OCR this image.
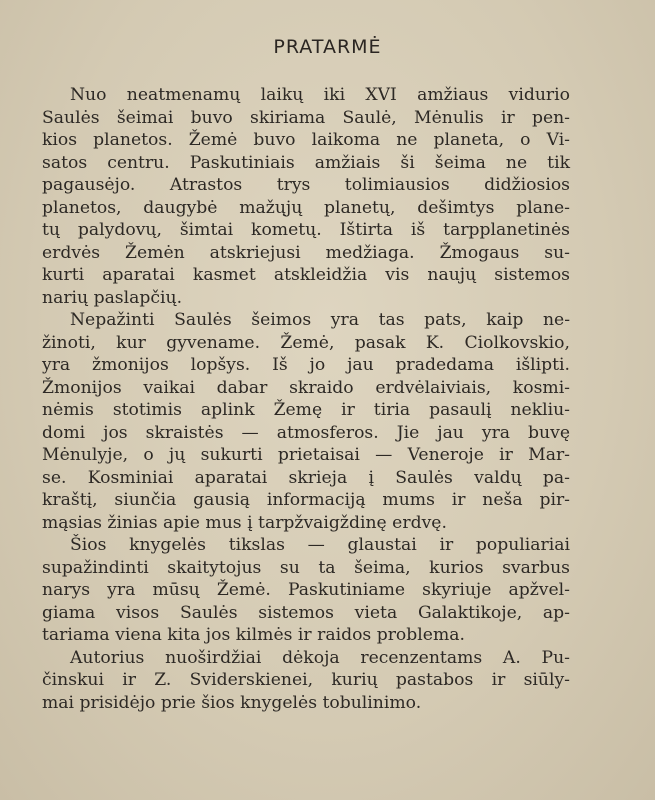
PRATARMĖ
Nuo neatmenamų laikų iki XVI amžiaus vidurio
Saulės šeimai buvo skiriama Saulė, Mėnulis ir pen-
kios planetos. Žemė buvo laikoma ne planeta, o Vi-
satos centru. Paskutiniais amžiais ši šeima ne tik
pagausėjo. Atrastos trys tolimiausios didžiosios
planetos, daugybė mažųjų planetų, dešimtys plane-
tų palydovų, šimtai kometų. Ištirta iš tarpplanetinės
erdvės Žemėn atskriejusi medžiaga. Žmogaus su-
kurti aparatai kasmet atskleidžia vis naujų sistemos
narių paslapčių.
Nepažinti Saulės šeimos yra tas pats, kaip ne-
žinoti, kur gyvename. Žemė, pasak K. Ciolkovskio,
yra žmonijos lopšys. Iš jo jau pradedama išlipti.
Žmonijos vaikai dabar skraido erdvėlaiviais, kosmi-
nėmis stotimis aplink Žemę ir tiria pasaulį nekliu-
domi jos skraistės — atmosferos. Jie jau yra buvę
Mėnulyje, o jų sukurti prietaisai — Veneroje ir Mar-
se. Kosminiai aparatai skrieja į Saulės valdų pa-
kraštį, siunčia gausią informaciją mums ir neša pir-
mąsias žinias apie mus į tarpžvaigždinę erdvę.
Šios knygelės tikslas — glaustai ir populiariai
supažindinti skaitytojus su ta šeima, kurios svarbus
narys yra mūsų Žemė. Paskutiniame skyriuje apžvel-
giama visos Saulės sistemos vieta Galaktikoje, ap-
tariama viena kita jos kilmės ir raidos problema.
Autorius nuoširdžiai dėkoja recenzentams A. Pu-
činskui ir Z. Sviderskienei, kurių pastabos ir siūly-
mai prisidėjo prie šios knygelės tobulinimo.
